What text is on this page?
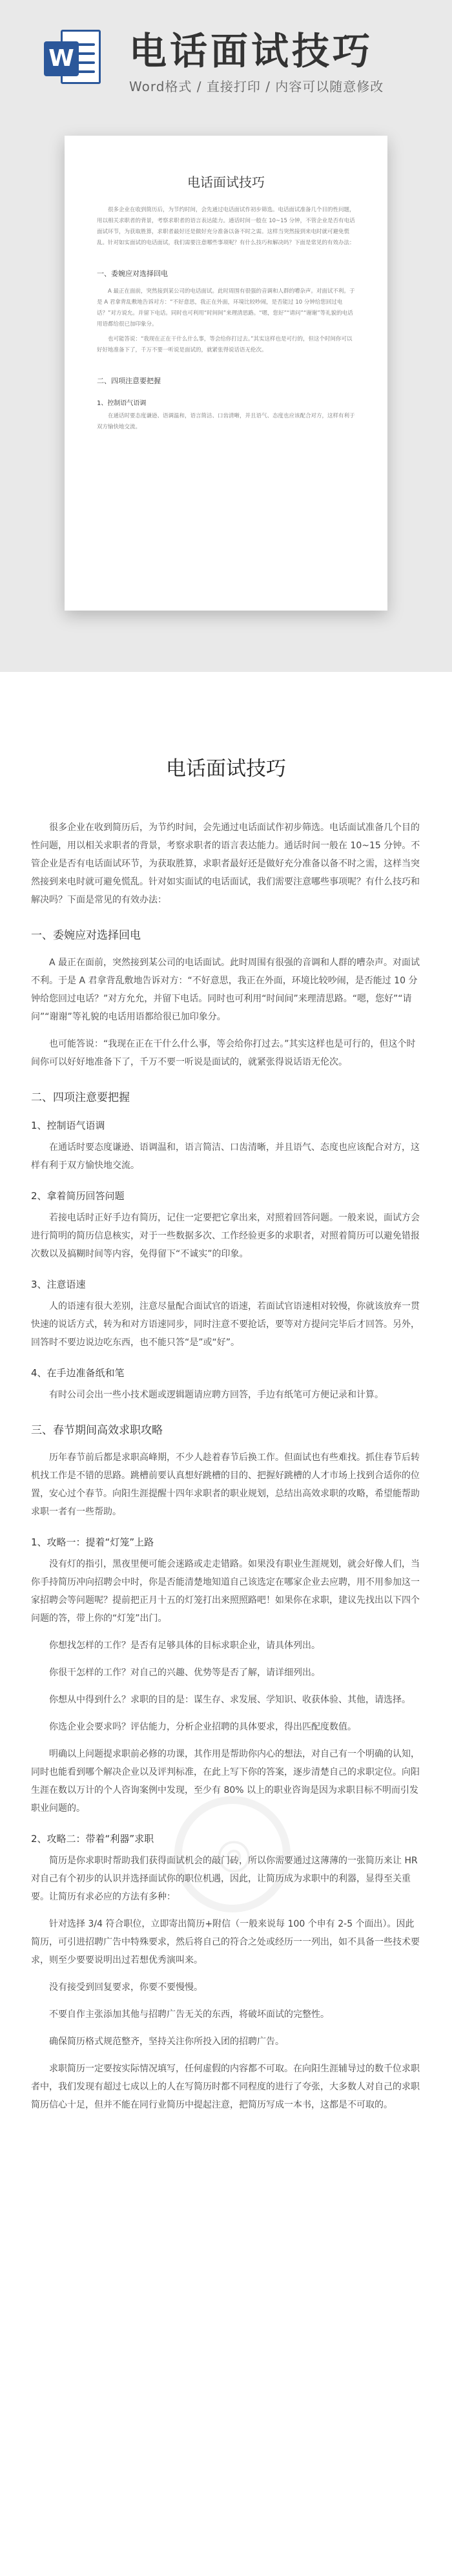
W 电话面试技巧
Word格式 / 直接打印 / 内容可以随意修改
电话面试技巧

很多企业在收到简历后，为节约时间，会先通过电话面试作初步筛选。电话面试准备几个目的性问题，用以相关求职者的背景，考察求职者的语言表达能力。通话时间一般在 10~15 分钟，不管企业是否有电话面试环节，为获取胜算，求职者最好还是做好充分准备以备不时之需。这样当突然接到来电时就可避免慌乱。针对如实面试的电话面试，我们需要注意哪些事项呢？有什么技巧和解决吗？下面是常见的有效办法：

一、委婉应对选择回电

A 最正在面前，突然接到某公司的电话面试。此时周围有很强的音调和人群的嘈杂声。对面试不利。于是 A 君拿背乱敷地告诉对方：“不好意思，我正在外面，环境比较吵闹，是否能过 10 分钟给您回过电话？”对方说允。并留下电话。同时也可利用“时间间”来理清思路。“嗯，您好”“请问”“谢谢”等礼貌的电话用语都给很已加印象分。

也可能答说：“我现在正在干什么什么事，等会给你打过去。”其实这样也是可行的，但这个时间你可以好好地准备下了，千万不要一听说是面试的，就紧张得说话语无伦次。

二、四项注意要把握
1、控制语气语调

在通话时要态度谦逊、语调温和，语言简洁、口齿清晰，并且语气、态度也应该配合对方，这样有利于双方愉快地交流。

电话面试技巧

很多企业在收到简历后，为节约时间，会先通过电话面试作初步筛选。电话面试准备几个目的性问题，用以相关求职者的背景，考察求职者的语言表达能力。通话时间一般在 10~15 分钟。不管企业是否有电话面试环节，为获取胜算，求职者最好还是做好充分准备以备不时之需，这样当突然接到来电时就可避免慌乱。针对如实面试的电话面试，我们需要注意哪些事项呢？有什么技巧和解决吗？下面是常见的有效办法：

一、委婉应对选择回电

A 最正在面前，突然接到某公司的电话面试。此时周围有很强的音调和人群的嘈杂声。对面试不利。于是 A 君拿背乱敷地告诉对方：“不好意思，我正在外面，环境比较吵闹，是否能过 10 分钟给您回过电话？”对方允允，并留下电话。同时也可利用“时间间”来理清思路。“嗯，您好”“请问”“谢谢”等礼貌的电话用语都给很已加印象分。

也可能答说：“我现在正在干什么什么事，等会给你打过去。”其实这样也是可行的，但这个时间你可以好好地准备下了，千万不要一听说是面试的，就紧张得说话语无伦次。

二、四项注意要把握
1、控制语气语调

在通话时要态度谦逊、语调温和，语言简洁、口齿清晰，并且语气、态度也应该配合对方，这样有利于双方愉快地交流。

2、拿着简历回答问题

若接电话时正好手边有简历，记住一定要把它拿出来，对照着回答问题。一般来说，面试方会进行简明的简历信息核实，对于一些数据多次、工作经验更多的求职者，对照着简历可以避免错报次数以及搞糊时间等内容，免得留下“不诚实”的印象。

3、注意语速

人的语速有很大差别，注意尽量配合面试官的语速，若面试官语速相对较慢，你就该放弃一贯快速的说话方式，转为和对方语速同步，同时注意不要抢话，要等对方提问完毕后才回答。另外，回答时不要边说边吃东西，也不能只答“是”或“好”。

4、在手边准备纸和笔

有时公司会出一些小技术题或逻辑题请应聘方回答，手边有纸笔可方便记录和计算。

三、春节期间高效求职攻略

历年春节前后都是求职高峰期，不少人趁着春节后换工作。但面试也有些难找。抓住春节后转机找工作是不错的思路。跳槽前要认真想好跳槽的目的、把握好跳槽的人才市场上找到合适你的位置，安心过个春节。向阳生涯提醒十四年求职者的职业规划，总结出高效求职的攻略，希望能帮助求职一者有一些帮助。

1、攻略一：提着“灯笼”上路

没有灯的指引，黑夜里便可能会迷路或走走错路。如果没有职业生涯规划，就会好像人们，当你手持简历冲向招聘会中时，你是否能清楚地知道自己该选定在哪家企业去应聘，用不用参加这一家招聘会等问题呢？提前把正月十五的灯笼打出来照照路吧！如果你在求职，建议先找出以下四个问题的答，带上你的“灯笼”出门。

你想找怎样的工作？是否有足够具体的目标求职企业，请具体列出。

你很干怎样的工作？对自己的兴趣、优势等是否了解，请详细列出。

你想从中得到什么？求职的目的是：谋生存、求发展、学知识、收获体验、其他，请选择。

你选企业会要求吗？评估能力，分析企业招聘的具体要求，得出匹配度数值。

明确以上问题提求职前必修的功课，其作用是帮助你内心的想法，对自己有一个明确的认知，同时也能看到哪个解决企业以及评判标准，在此上写下你的答案，逐步清楚自己的求职定位。向阳生涯在数以万计的个人咨询案例中发现，至少有 80% 以上的职业咨询是因为求职目标不明而引发职业问题的。

2、攻略二：带着“利器”求职

简历是你求职时帮助我们获得面试机会的敲门砖，所以你需要通过这薄薄的一张简历来让 HR 对自己有个初步的认识并选择面试你的职位机遇，因此，让简历成为求职中的利器，显得至关重要。让简历有求必应的方法有多种：

针对选择 3/4 符合职位，立即寄出简历+附信（一般来说每 100 个申有 2-5 个面出）。因此简历，可引进招聘广告中特殊要求，然后将自己的符合之处或经历一一列出，如不具备一些技术要求，则至少要要说明出过若想优秀演叫来。

没有接受到回复要求，你要不要慢慢。

不要自作主张添加其他与招聘广告无关的东西，将破坏面试的完整性。

确保简历格式规范整齐，坚持关注你所投入团的招聘广告。

求职简历一定要按实际情况填写，任何虚假的内容都不可取。在向阳生涯辅导过的数千位求职者中，我们发现有超过七成以上的人在写简历时都不同程度的进行了夸张，大多数人对自己的求职简历信心十足，但并不能在同行业简历中提起注意，把简历写成一本书，这都是不可取的。

◎
